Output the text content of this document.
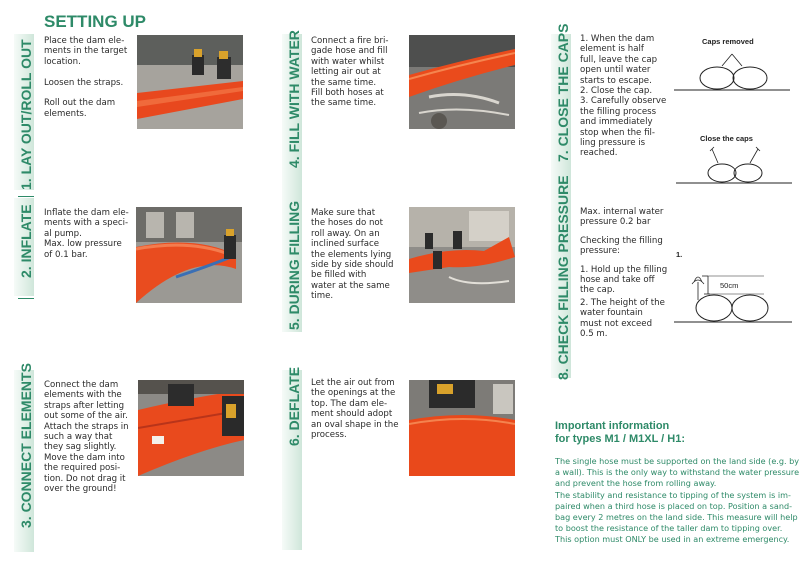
SETTING UP
1. LAY OUT/ROLL OUT
2. INFLATE
3. CONNECT ELEMENTS
4. FILL WITH WATER
5. DURING FILLING
6. DEFLATE
7. CLOSE THE CAPS
8. CHECK FILLING PRESSURE
Place the dam ele-
ments in the target
location.

Loosen the straps.

Roll out the dam
elements.
Inflate the dam ele-
ments with a speci-
al pump.
Max. low pressure
of 0.1 bar.
Connect the dam
elements with the
straps after letting
out some of the air.
Attach the straps in
such a way that
they sag slightly.
Move the dam into
the required posi-
tion. Do not drag it
over the ground!
Connect a fire bri-
gade hose and fill
with water whilst
letting air out at
the same time.
Fill both hoses at
the same time.
Make sure that
the hoses do not
roll away. On an
inclined surface
the elements lying
side by side should
be filled with
water at the same
time.
Let the air out from
the openings at the
top. The dam ele-
ment should adopt
an oval shape in the
process.
1. When the dam
element is half
full, leave the cap
open until water
starts to escape.
2. Close the cap.
3. Carefully observe
the filling process
and immediately
stop when the fil-
ling pressure is
reached.
Max. internal water
pressure 0.2 bar
Checking the filling
pressure:
1. Hold up the filling
hose and take off
the cap.
2. The height of the
water fountain
must not exceed
0.5 m.
Caps removed
Close the caps
1.
50cm
Important information
for types M1 / M1XL / H1:
The single hose must be supported on the land side (e.g. by
a wall). This is the only way to withstand the water pressure
and prevent the hose from rolling away.
The stability and resistance to tipping of the system is im-
paired when a third hose is placed on top. Position a sand-
bag every 2 metres on the land side. This measure will help
to boost the resistance of the taller dam to tipping over.
This option must ONLY be used in an extreme emergency.
